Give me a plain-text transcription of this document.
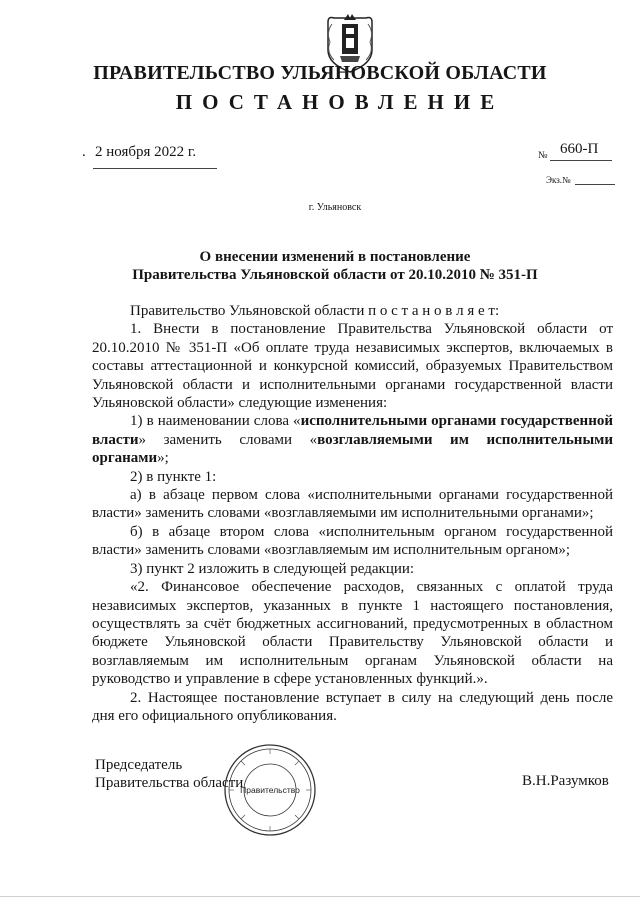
ПРАВИТЕЛЬСТВО УЛЬЯНОВСКОЙ ОБЛАСТИ
ПОСТАНОВЛЕНИЕ
. 2 ноября 2022 г.	№ 660-П
Экз.№
г. Ульяновск
О внесении изменений в постановление
Правительства Ульяновской области от 20.10.2010 № 351-П

Правительство Ульяновской области п о с т а н о в л я е т:

1. Внести в постановление Правительства Ульяновской области от 20.10.2010 № 351-П «Об оплате труда независимых экспертов, включаемых в составы аттестационной и конкурсной комиссий, образуемых Правительством Ульяновской области и исполнительными органами государственной власти Ульяновской области» следующие изменения:

1) в наименовании слова «исполнительными органами государственной власти» заменить словами «возглавляемыми им исполнительными органами»;

2) в пункте 1:

а) в абзаце первом слова «исполнительными органами государственной власти» заменить словами «возглавляемыми им исполнительными органами»;

б) в абзаце втором слова «исполнительным органом государственной власти» заменить словами «возглавляемым им исполнительным органом»;

3) пункт 2 изложить в следующей редакции:

«2. Финансовое обеспечение расходов, связанных с оплатой труда независимых экспертов, указанных в пункте 1 настоящего постановления, осуществлять за счёт бюджетных ассигнований, предусмотренных в областном бюджете Ульяновской области Правительству Ульяновской области и возглавляемым им исполнительным органам Ульяновской области на руководство и управление в сфере установленных функций.».

2. Настоящее постановление вступает в силу на следующий день после дня его официального опубликования.

Председатель
Правительства области
Правительство
В.Н.Разумков
